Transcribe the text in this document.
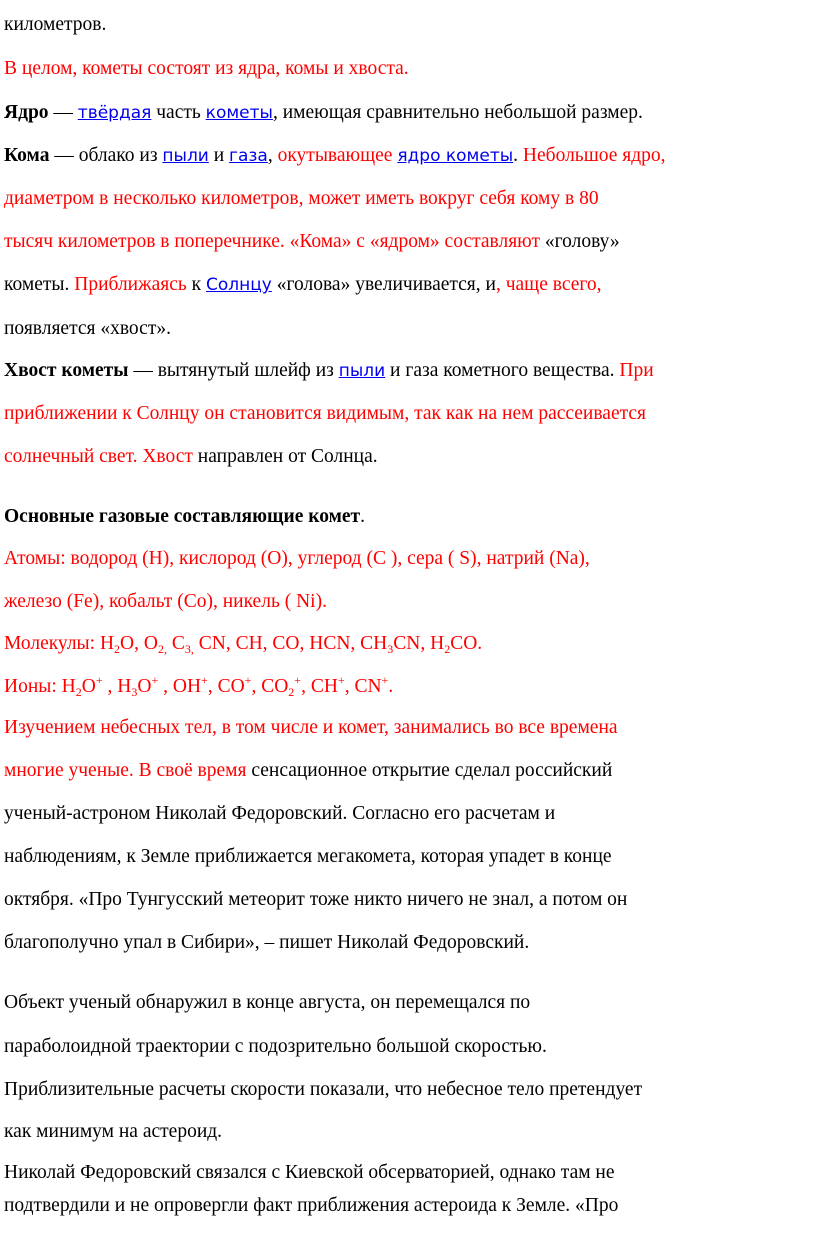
километров.
В целом, кометы состоят из ядра, комы и хвоста.
Ядро — твёрдая часть кометы, имеющая сравнительно небольшой размер.
Кома — облако из пыли и газа, окутывающее ядро кометы. Небольшое ядро,
диаметром в несколько километров, может иметь вокруг себя кому в 80
тысяч километров в поперечнике. «Кома» с «ядром» составляют «голову»
кометы. Приближаясь к Солнцу «голова» увеличивается, и, чаще всего,
появляется «хвост».
Хвост кометы — вытянутый шлейф из пыли и газа кометного вещества. При
приближении к Солнцу он становится видимым, так как на нем рассеивается
солнечный свет. Хвост направлен от Солнца.
Основные газовые составляющие комет.
Атомы: водород (H), кислород (O), углерод (C ), сера ( S), натрий (Na),
железо (Fe), кобальт (Co), никель ( Ni).
Молекулы: $H_2O$, $O_{2,}$ $C_{3,}$ CN, CH, CO, HCN, $CH_3CN$, $H_2CO$.
Ионы: $H_2O^+$ , $H_3O^+$ , OH+, CO+, $CO_2^+$, CH+, CN+.
Изучением небесных тел, в том числе и комет, занимались во все времена
многие ученые. В своё время сенсационное открытие сделал российский
ученый-астроном Николай Федоровский. Согласно его расчетам и
наблюдениям, к Земле приближается мегакомета, которая упадет в конце
октября. «Про Тунгусский метеорит тоже никто ничего не знал, а потом он
благополучно упал в Сибири», – пишет Николай Федоровский.
Объект ученый обнаружил в конце августа, он перемещался по
параболоидной траектории с подозрительно большой скоростью.
Приблизительные расчеты скорости показали, что небесное тело претендует
как минимум на астероид.
Николай Федоровский связался с Киевской обсерваторией, однако там не
подтвердили и не опровергли факт приближения астероида к Земле. «Про
